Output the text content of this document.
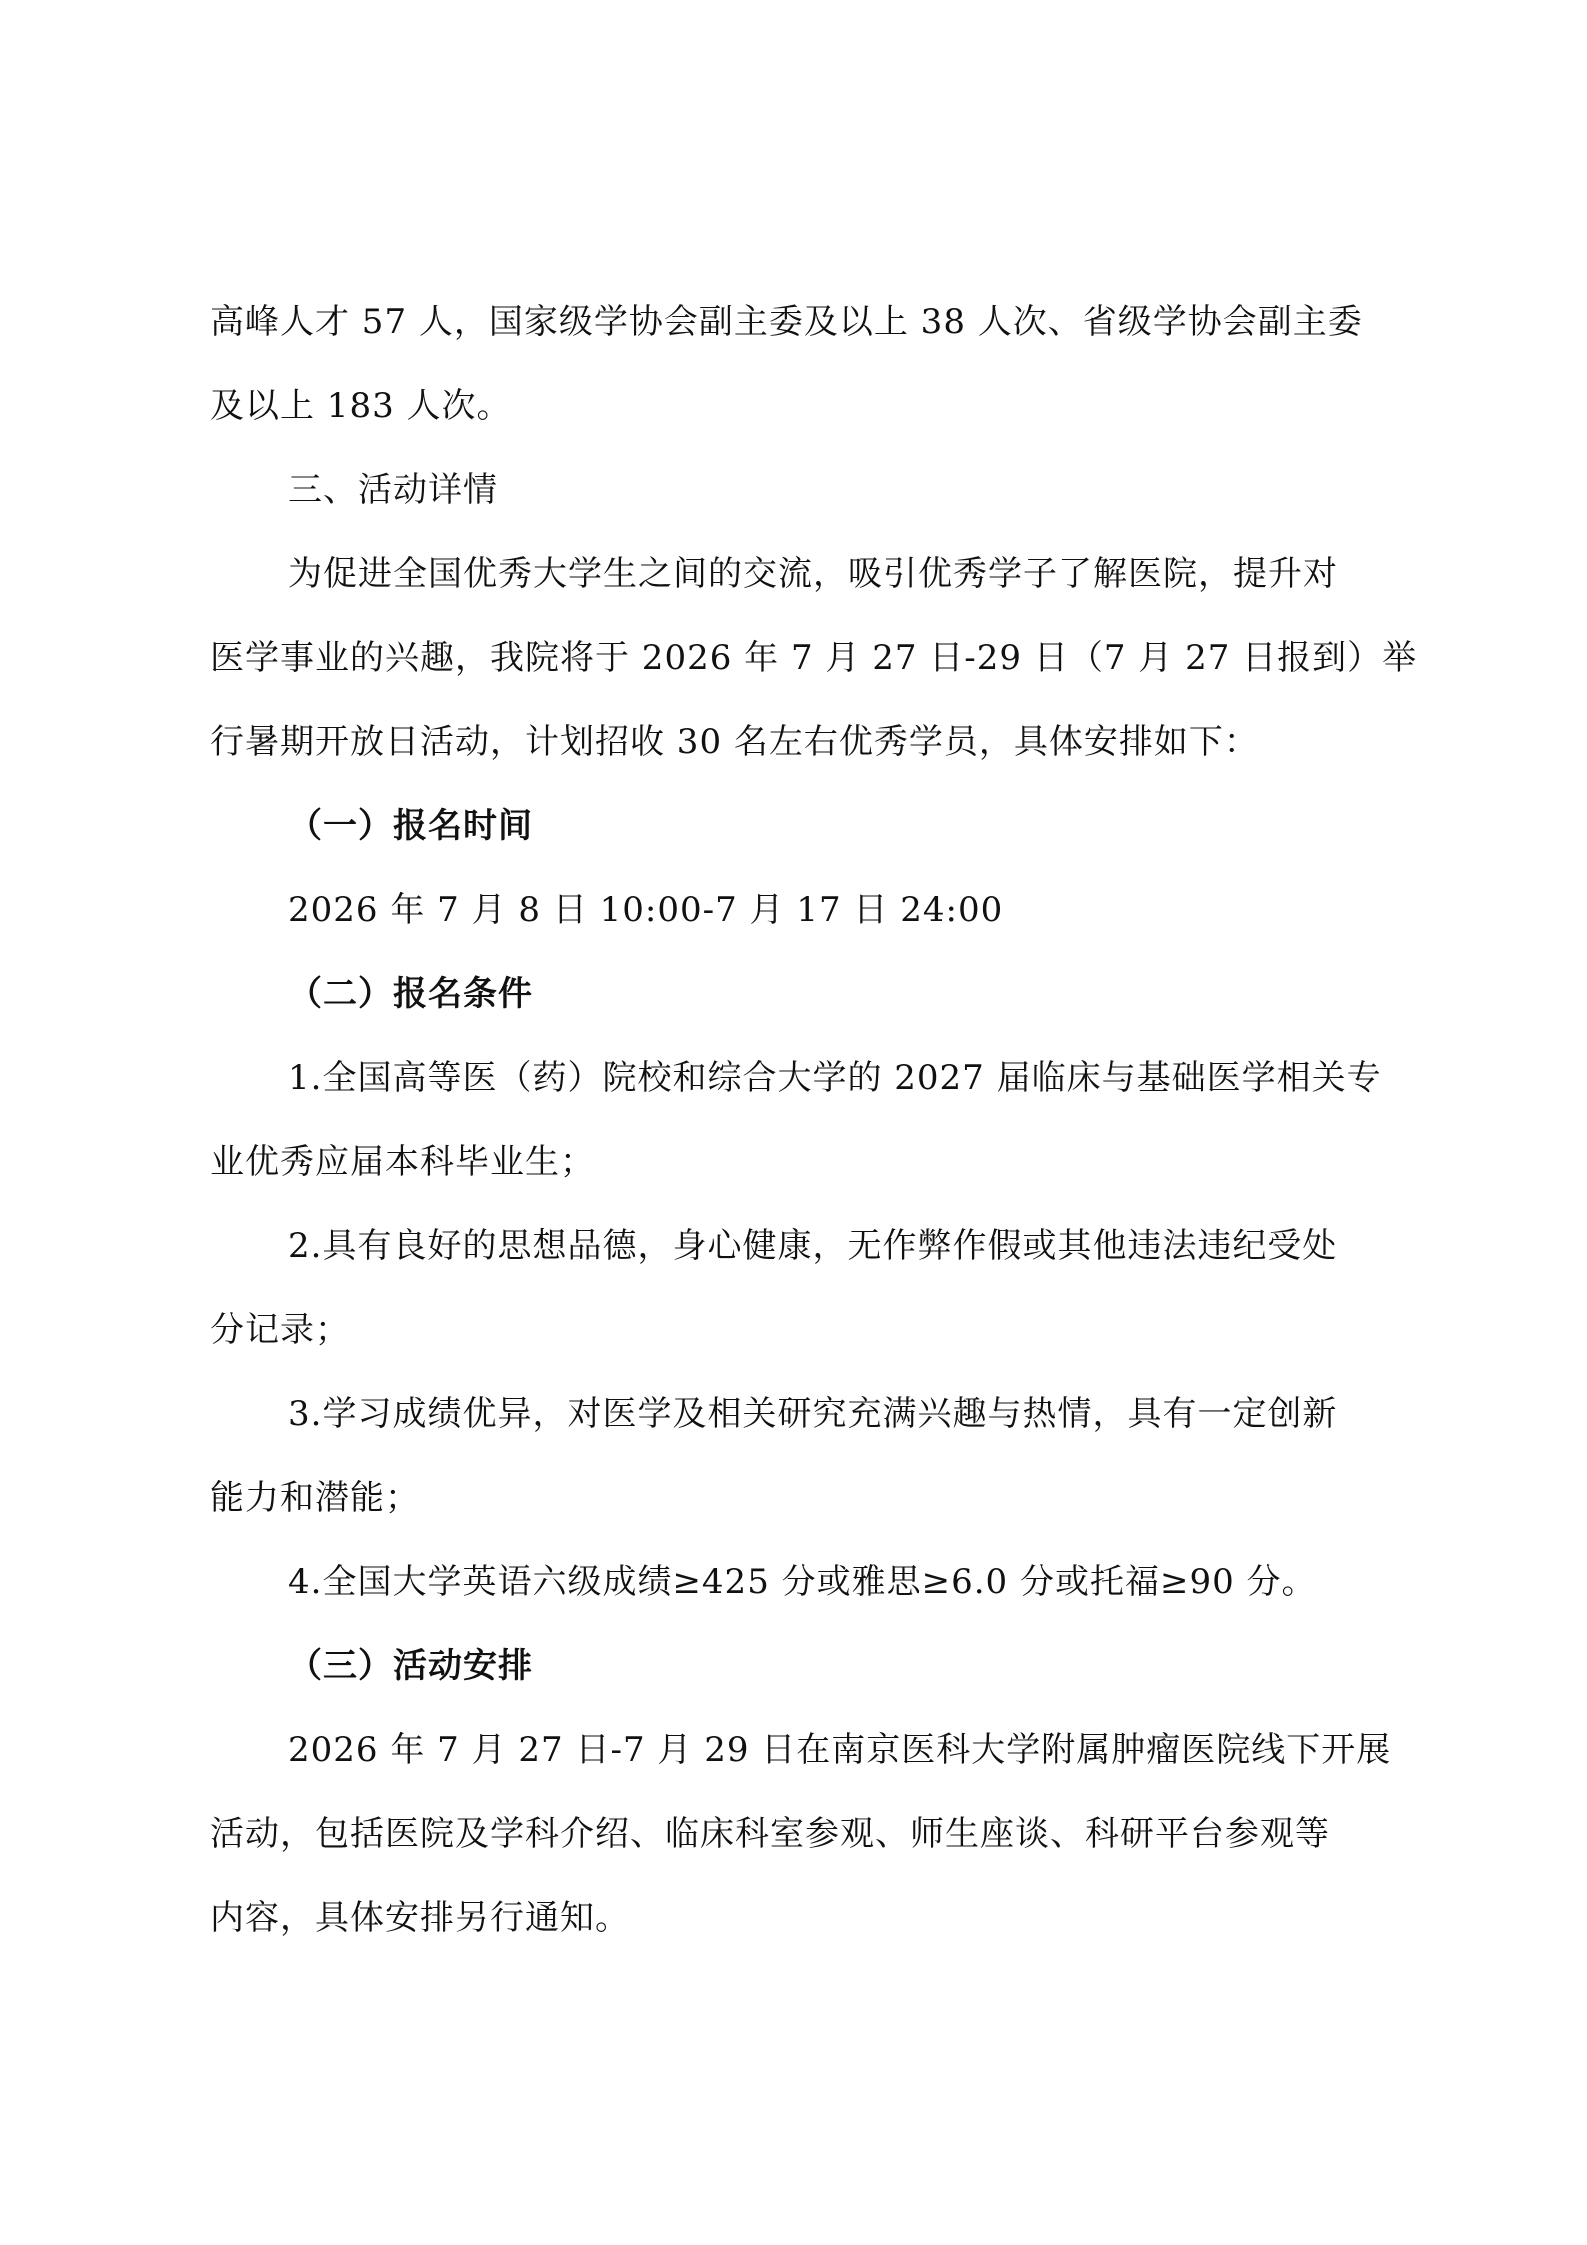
高峰人才 57 人，国家级学协会副主委及以上 38 人次、省级学协会副主委
及以上 183 人次。
三、活动详情
为促进全国优秀大学生之间的交流，吸引优秀学子了解医院，提升对
医学事业的兴趣，我院将于 2026 年 7 月 27 日-29 日（7 月 27 日报到）举
行暑期开放日活动，计划招收 30 名左右优秀学员，具体安排如下：
（一）报名时间
2026 年 7 月 8 日 10:00-7 月 17 日 24:00
（二）报名条件
1.全国高等医（药）院校和综合大学的 2027 届临床与基础医学相关专
业优秀应届本科毕业生；
2.具有良好的思想品德，身心健康，无作弊作假或其他违法违纪受处
分记录；
3.学习成绩优异，对医学及相关研究充满兴趣与热情，具有一定创新
能力和潜能；
4.全国大学英语六级成绩≥425 分或雅思≥6.0 分或托福≥90 分。
（三）活动安排
2026 年 7 月 27 日-7 月 29 日在南京医科大学附属肿瘤医院线下开展
活动，包括医院及学科介绍、临床科室参观、师生座谈、科研平台参观等
内容，具体安排另行通知。
